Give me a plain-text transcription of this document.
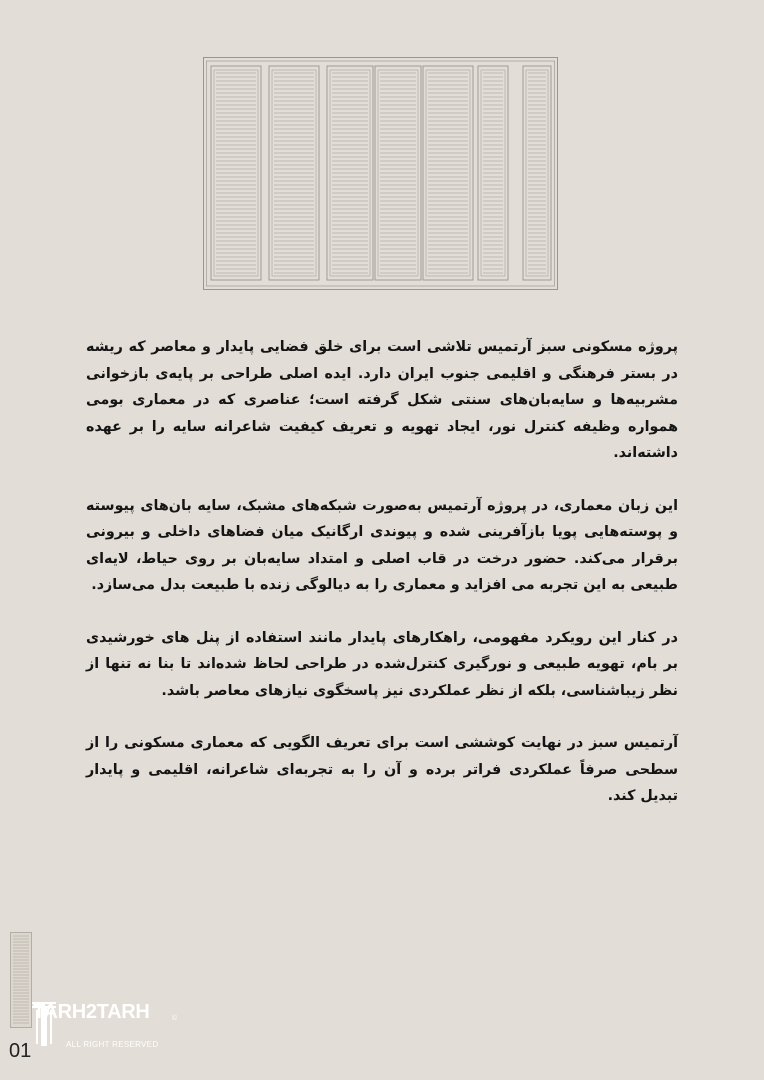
پروژه مسکونی سبز آرتمیس تلاشی است برای خلق فضایی پایدار و معاصر که ریشه در بستر فرهنگی و اقلیمی جنوب ایران دارد. ایده اصلی طراحی بر پایه‌ی بازخوانی مشربیه‌ها و سایه‌بان‌های سنتی شکل گرفته است؛ عناصری که در معماری بومی همواره وظیفه کنترل نور، ایجاد تهویه و تعریف کیفیت شاعرانه سایه را بر عهده داشته‌اند.

این زبان معماری، در پروژه آرتمیس به‌صورت شبکه‌های مشبک، سایه بان‌های پیوسته و پوسته‌هایی پویا بازآفرینی شده و پیوندی ارگانیک میان فضاهای داخلی و بیرونی برقرار می‌کند. حضور درخت در قاب اصلی و امتداد سایه‌بان بر روی حیاط، لایه‌ای طبیعی به این تجربه می افزاید و معماری را به دیالوگی زنده با طبیعت بدل می‌سازد.

در کنار این رویکرد مفهومی، راهکارهای پایدار مانند استفاده از پنل های خورشیدی بر بام، تهویه طبیعی و نورگیری کنترل‌شده در طراحی لحاظ شده‌اند تا بنا نه تنها از نظر زیباشناسی، بلکه از نظر عملکردی نیز پاسخگوی نیازهای معاصر باشد.

آرتمیس سبز در نهایت کوششی است برای تعریف الگویی که معماری مسکونی را از سطحی صرفاً عملکردی فراتر برده و آن را به تجربه‌ای شاعرانه، اقلیمی و پایدار تبدیل کند.

TARH2TARH
ALL RIGHT RESERVED
©
01
